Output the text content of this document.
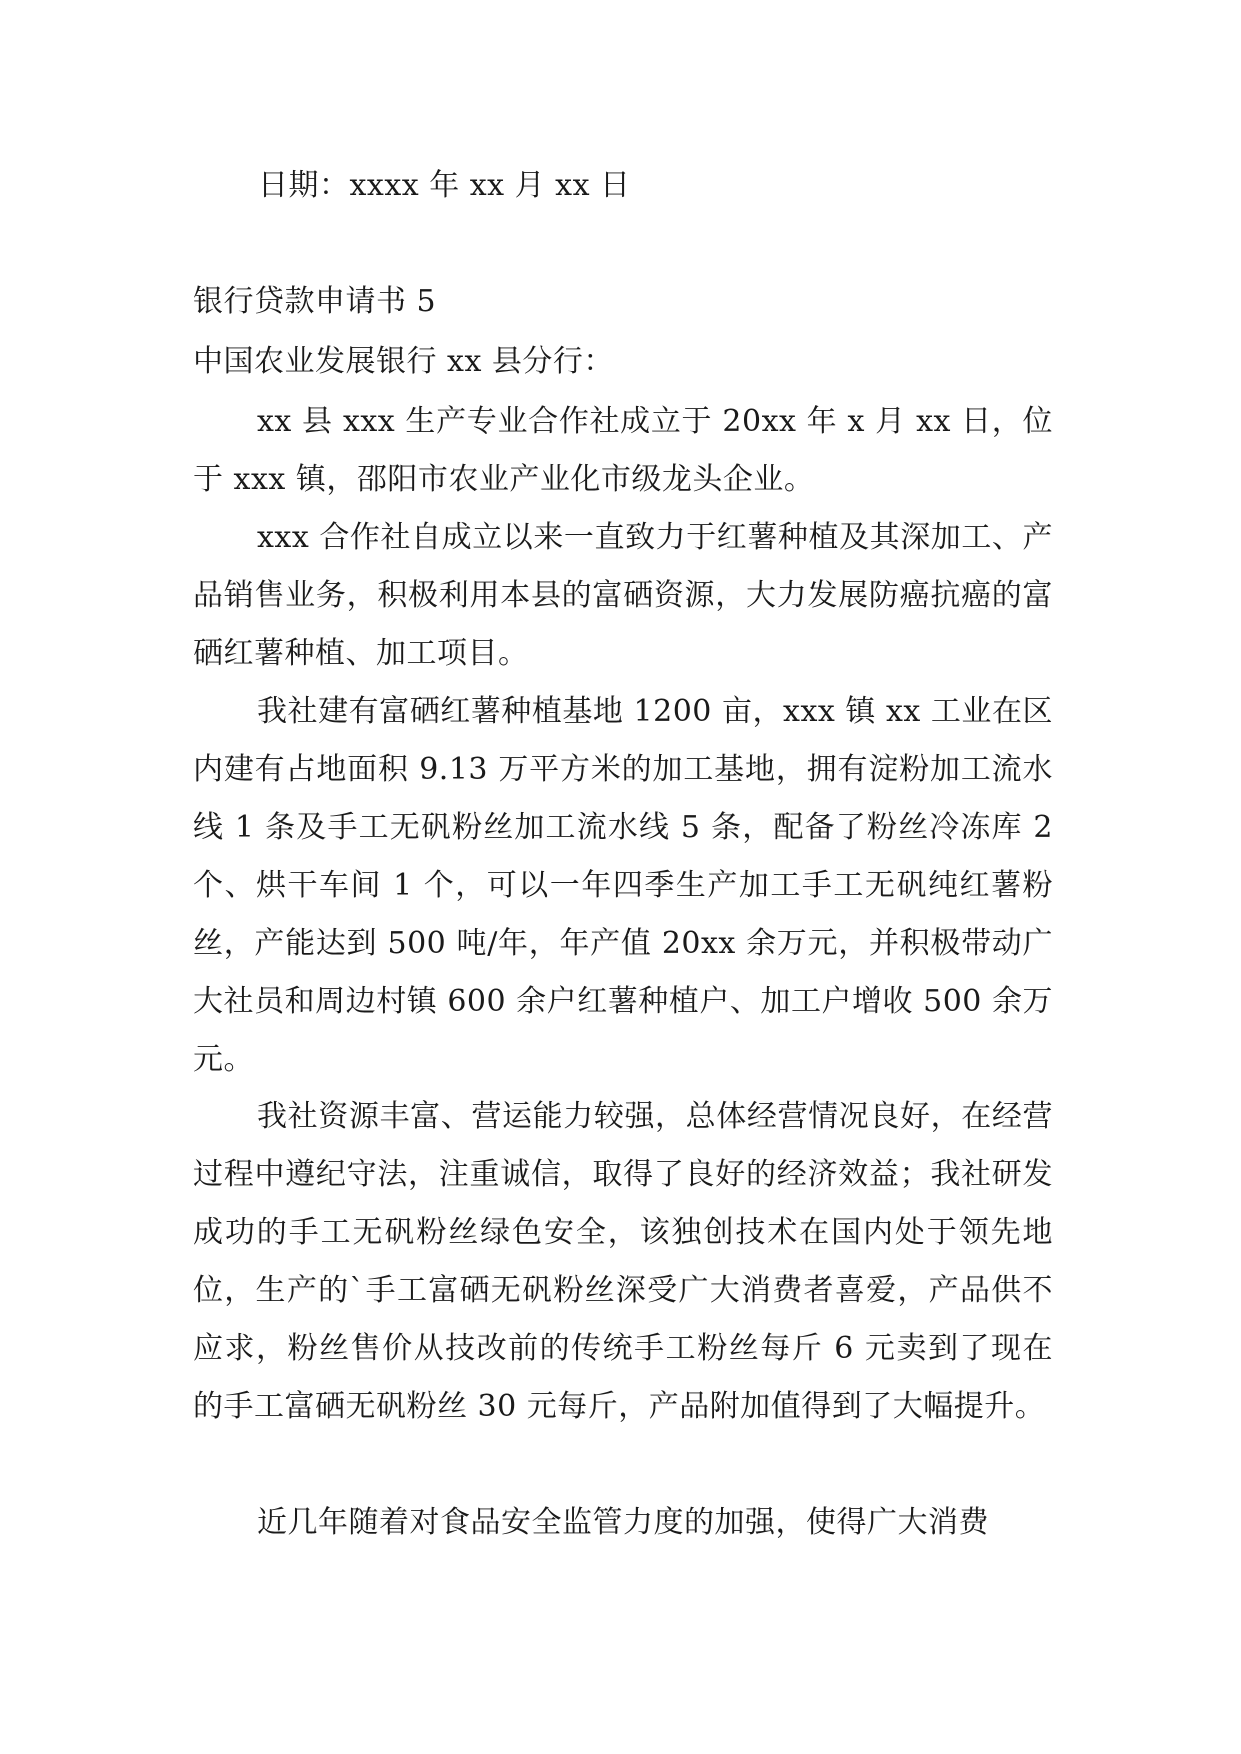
日期：xxxx 年 xx 月 xx 日

银行贷款申请书 5

中国农业发展银行 xx 县分行：

xx 县 xxx 生产专业合作社成立于 20xx 年 x 月 xx 日，位于 xxx 镇，邵阳市农业产业化市级龙头企业。

xxx 合作社自成立以来一直致力于红薯种植及其深加工、产品销售业务，积极利用本县的富硒资源，大力发展防癌抗癌的富硒红薯种植、加工项目。

我社建有富硒红薯种植基地 1200 亩，xxx 镇 xx 工业在区内建有占地面积 9.13 万平方米的加工基地，拥有淀粉加工流水线 1 条及手工无矾粉丝加工流水线 5 条，配备了粉丝冷冻库 2 个、烘干车间 1 个，可以一年四季生产加工手工无矾纯红薯粉丝，产能达到 500 吨/年，年产值 20xx 余万元，并积极带动广大社员和周边村镇 600 余户红薯种植户、加工户增收 500 余万元。

我社资源丰富、营运能力较强，总体经营情况良好，在经营过程中遵纪守法，注重诚信，取得了良好的经济效益；我社研发成功的手工无矾粉丝绿色安全，该独创技术在国内处于领先地位，生产的`手工富硒无矾粉丝深受广大消费者喜爱，产品供不应求，粉丝售价从技改前的传统手工粉丝每斤 6 元卖到了现在的手工富硒无矾粉丝 30 元每斤，产品附加值得到了大幅提升。

近几年随着对食品安全监管力度的加强，使得广大消费
